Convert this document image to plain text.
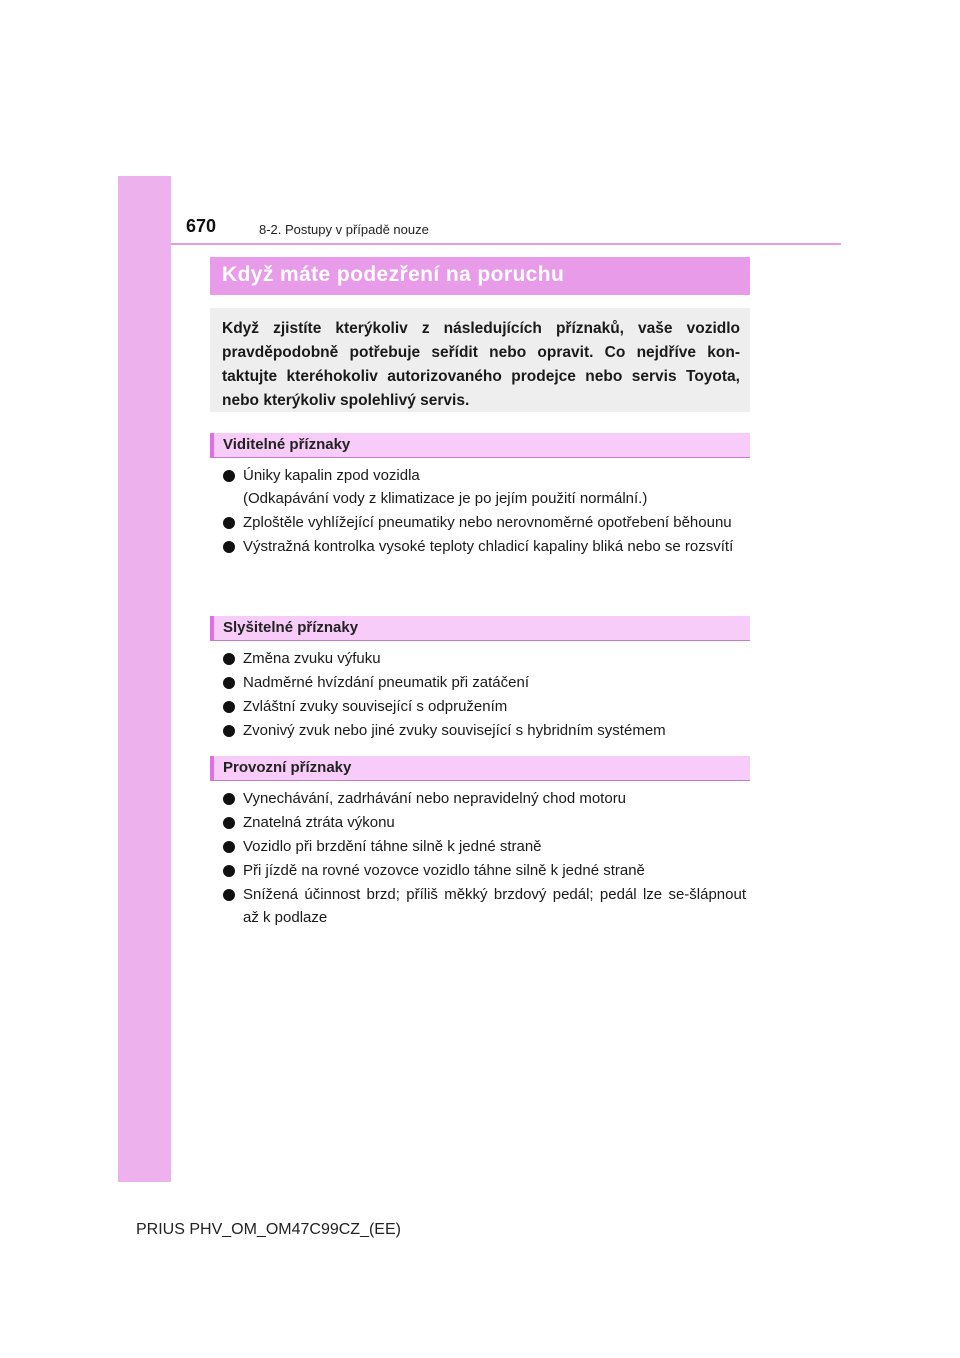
670	8-2. Postupy v případě nouze
Když máte podezření na poruchu
Když zjistíte kterýkoliv z následujících příznaků, vaše vozidlo pravděpodobně potřebuje seřídit nebo opravit. Co nejdříve kon-taktujte kteréhokoliv autorizovaného prodejce nebo servis Toyota, nebo kterýkoliv spolehlivý servis.
Viditelné příznaky
Úniky kapalin zpod vozidla
(Odkapávání vody z klimatizace je po jejím použití normální.)
Zploštěle vyhlížející pneumatiky nebo nerovnoměrné opotřebení běhounu
Výstražná kontrolka vysoké teploty chladicí kapaliny bliká nebo se rozsvítí
Slyšitelné příznaky
Změna zvuku výfuku
Nadměrné hvízdání pneumatik při zatáčení
Zvláštní zvuky související s odpružením
Zvonivý zvuk nebo jiné zvuky související s hybridním systémem
Provozní příznaky
Vynechávání, zadrhávání nebo nepravidelný chod motoru
Znatelná ztráta výkonu
Vozidlo při brzdění táhne silně k jedné straně
Při jízdě na rovné vozovce vozidlo táhne silně k jedné straně
Snížená účinnost brzd; příliš měkký brzdový pedál; pedál lze se-šlápnout až k podlaze
PRIUS PHV_OM_OM47C99CZ_(EE)
